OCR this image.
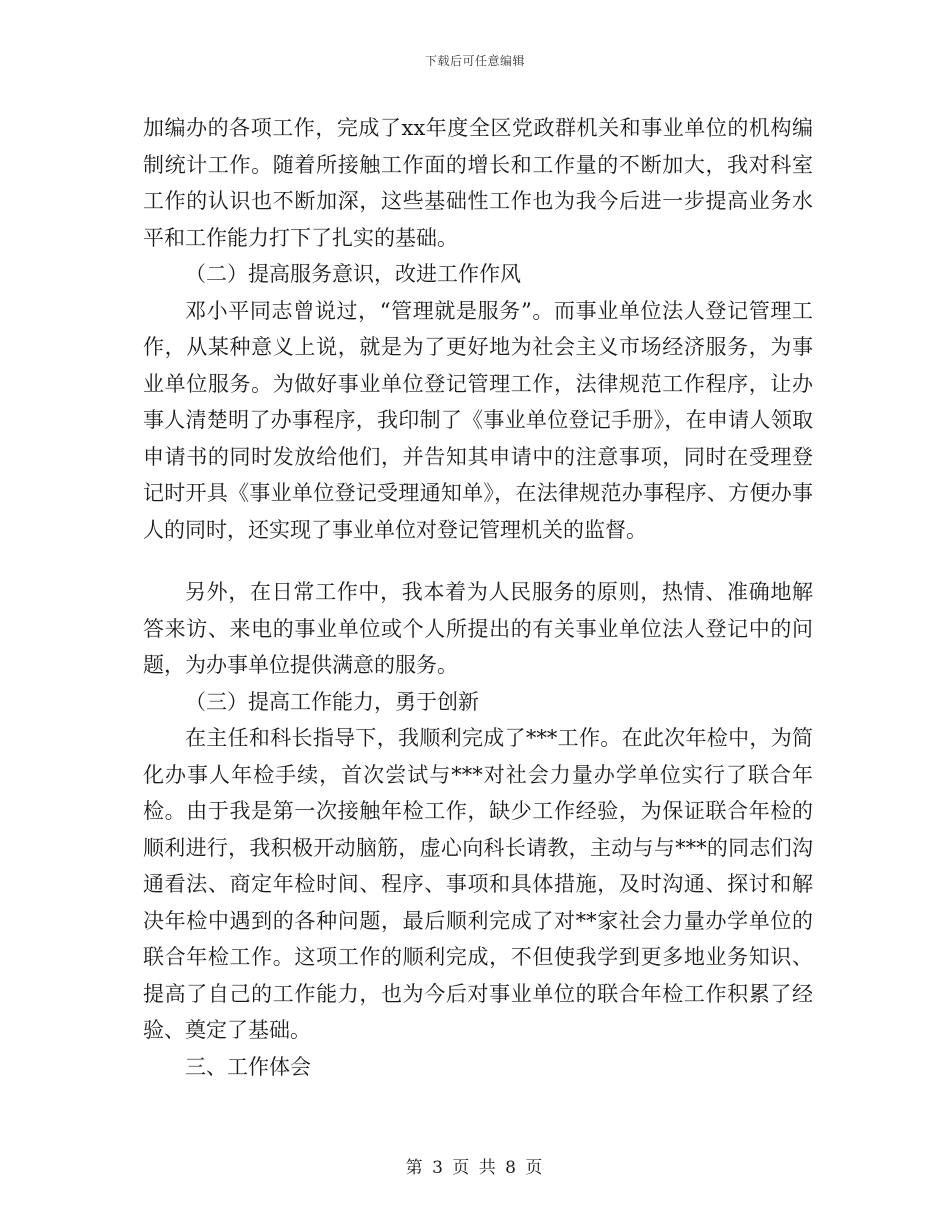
下载后可任意编辑

加编办的各项工作，完成了xx年度全区党政群机关和事业单位的机构编制统计工作。随着所接触工作面的增长和工作量的不断加大，我对科室工作的认识也不断加深，这些基础性工作也为我今后进一步提高业务水平和工作能力打下了扎实的基础。

（二）提高服务意识，改进工作作风

邓小平同志曾说过，“管理就是服务”。而事业单位法人登记管理工作，从某种意义上说，就是为了更好地为社会主义市场经济服务，为事业单位服务。为做好事业单位登记管理工作，法律规范工作程序，让办事人清楚明了办事程序，我印制了《事业单位登记手册》，在申请人领取申请书的同时发放给他们，并告知其申请中的注意事项，同时在受理登记时开具《事业单位登记受理通知单》，在法律规范办事程序、方便办事人的同时，还实现了事业单位对登记管理机关的监督。

另外，在日常工作中，我本着为人民服务的原则，热情、准确地解答来访、来电的事业单位或个人所提出的有关事业单位法人登记中的问题，为办事单位提供满意的服务。

（三）提高工作能力，勇于创新

在主任和科长指导下，我顺利完成了***工作。在此次年检中，为简化办事人年检手续，首次尝试与***对社会力量办学单位实行了联合年检。由于我是第一次接触年检工作，缺少工作经验，为保证联合年检的顺利进行，我积极开动脑筋，虚心向科长请教，主动与与***的同志们沟通看法、商定年检时间、程序、事项和具体措施，及时沟通、探讨和解决年检中遇到的各种问题，最后顺利完成了对**家社会力量办学单位的联合年检工作。这项工作的顺利完成，不但使我学到更多地业务知识、提高了自己的工作能力，也为今后对事业单位的联合年检工作积累了经验、奠定了基础。

三、工作体会

第 3 页 共 8 页
